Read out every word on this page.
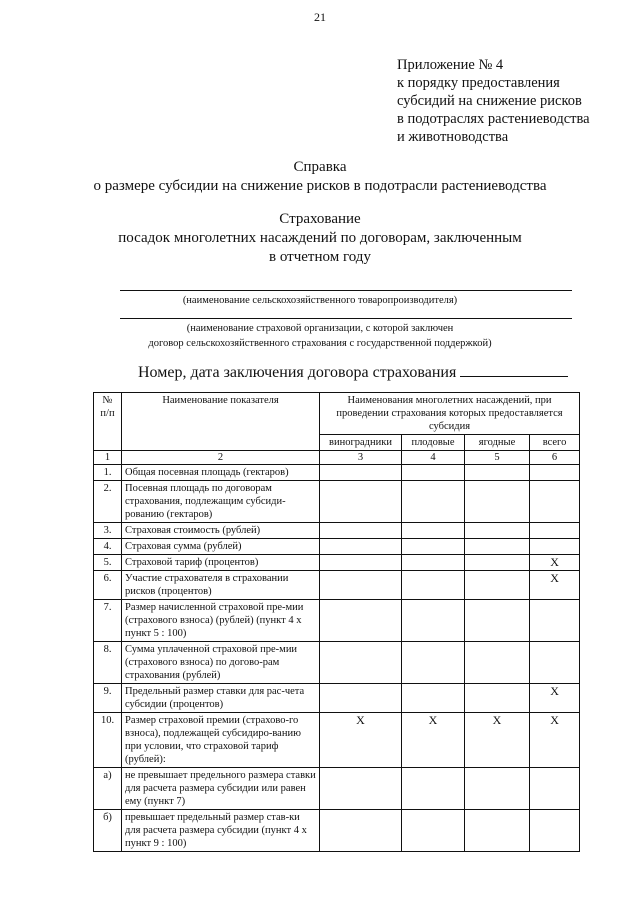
21
Приложение № 4
к порядку предоставления
субсидий на снижение рисков
в подотраслях растениеводства
и животноводства
Справка
о размере субсидии на снижение рисков в подотрасли растениеводства
Страхование
посадок многолетних насаждений по договорам, заключенным
в отчетном году
(наименование сельскохозяйственного товаропроизводителя)
(наименование страховой организации, с которой заключен
договор сельскохозяйственного страхования с государственной поддержкой)
Номер, дата заключения договора страхования
№ п/п	Наименование показателя	Наименования многолетних насаждений, при проведении страхования которых предоставляется субсидия			
		виноградники	плодовые	ягодные	всего
1	2	3	4	5	6
1.	Общая посевная площадь (гектаров)				
2.	Посевная площадь по договорам страхования, подлежащим субсиди-рованию (гектаров)				
3.	Страховая стоимость (рублей)				
4.	Страховая сумма (рублей)				
5.	Страховой тариф (процентов)				X
6.	Участие страхователя в страховании рисков (процентов)				X
7.	Размер начисленной страховой пре-мии (страхового взноса) (рублей) (пункт 4 х пункт 5 : 100)				
8.	Сумма уплаченной страховой пре-мии (страхового взноса) по догово-рам страхования (рублей)				
9.	Предельный размер ставки для рас-чета субсидии (процентов)				X
10.	Размер страховой премии (страхово-го взноса), подлежащей субсидиро-ванию при условии, что страховой тариф (рублей):	X	X	X	X
а)	не превышает предельного размера ставки для расчета размера субсидии или равен ему (пункт 7)				
б)	превышает предельный размер став-ки для расчета размера субсидии (пункт 4 х пункт 9 : 100)				
